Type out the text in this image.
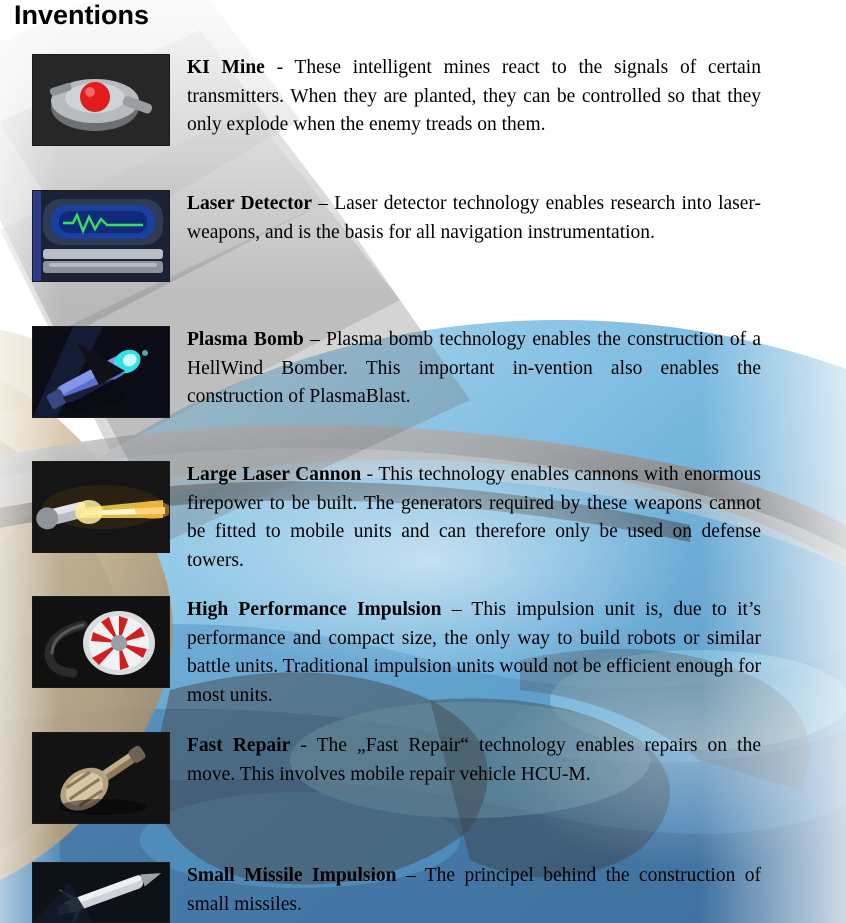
Inventions
KI Mine - These intelligent mines react to the signals of certain transmitters. When they are planted, they can be controlled so that they only explode when the enemy treads on them.
Laser Detector – Laser detector technology enables research into laser-weapons, and is the basis for all navigation instrumentation.
Plasma Bomb – Plasma bomb technology enables the construction of a HellWind Bomber. This important in-vention also enables the construction of PlasmaBlast.
Large Laser Cannon - This technology enables cannons with enormous firepower to be built. The generators required by these weapons cannot be fitted to mobile units and can therefore only be used on defense towers.
High Performance Impulsion – This impulsion unit is, due to it’s performance and compact size, the only way to build robots or similar battle units. Traditional impulsion units would not be efficient enough for most units.
Fast Repair - The „Fast Repair“ technology enables repairs on the move. This involves mobile repair vehicle HCU-M.
Small Missile Impulsion – The principel behind the construction of small missiles.
